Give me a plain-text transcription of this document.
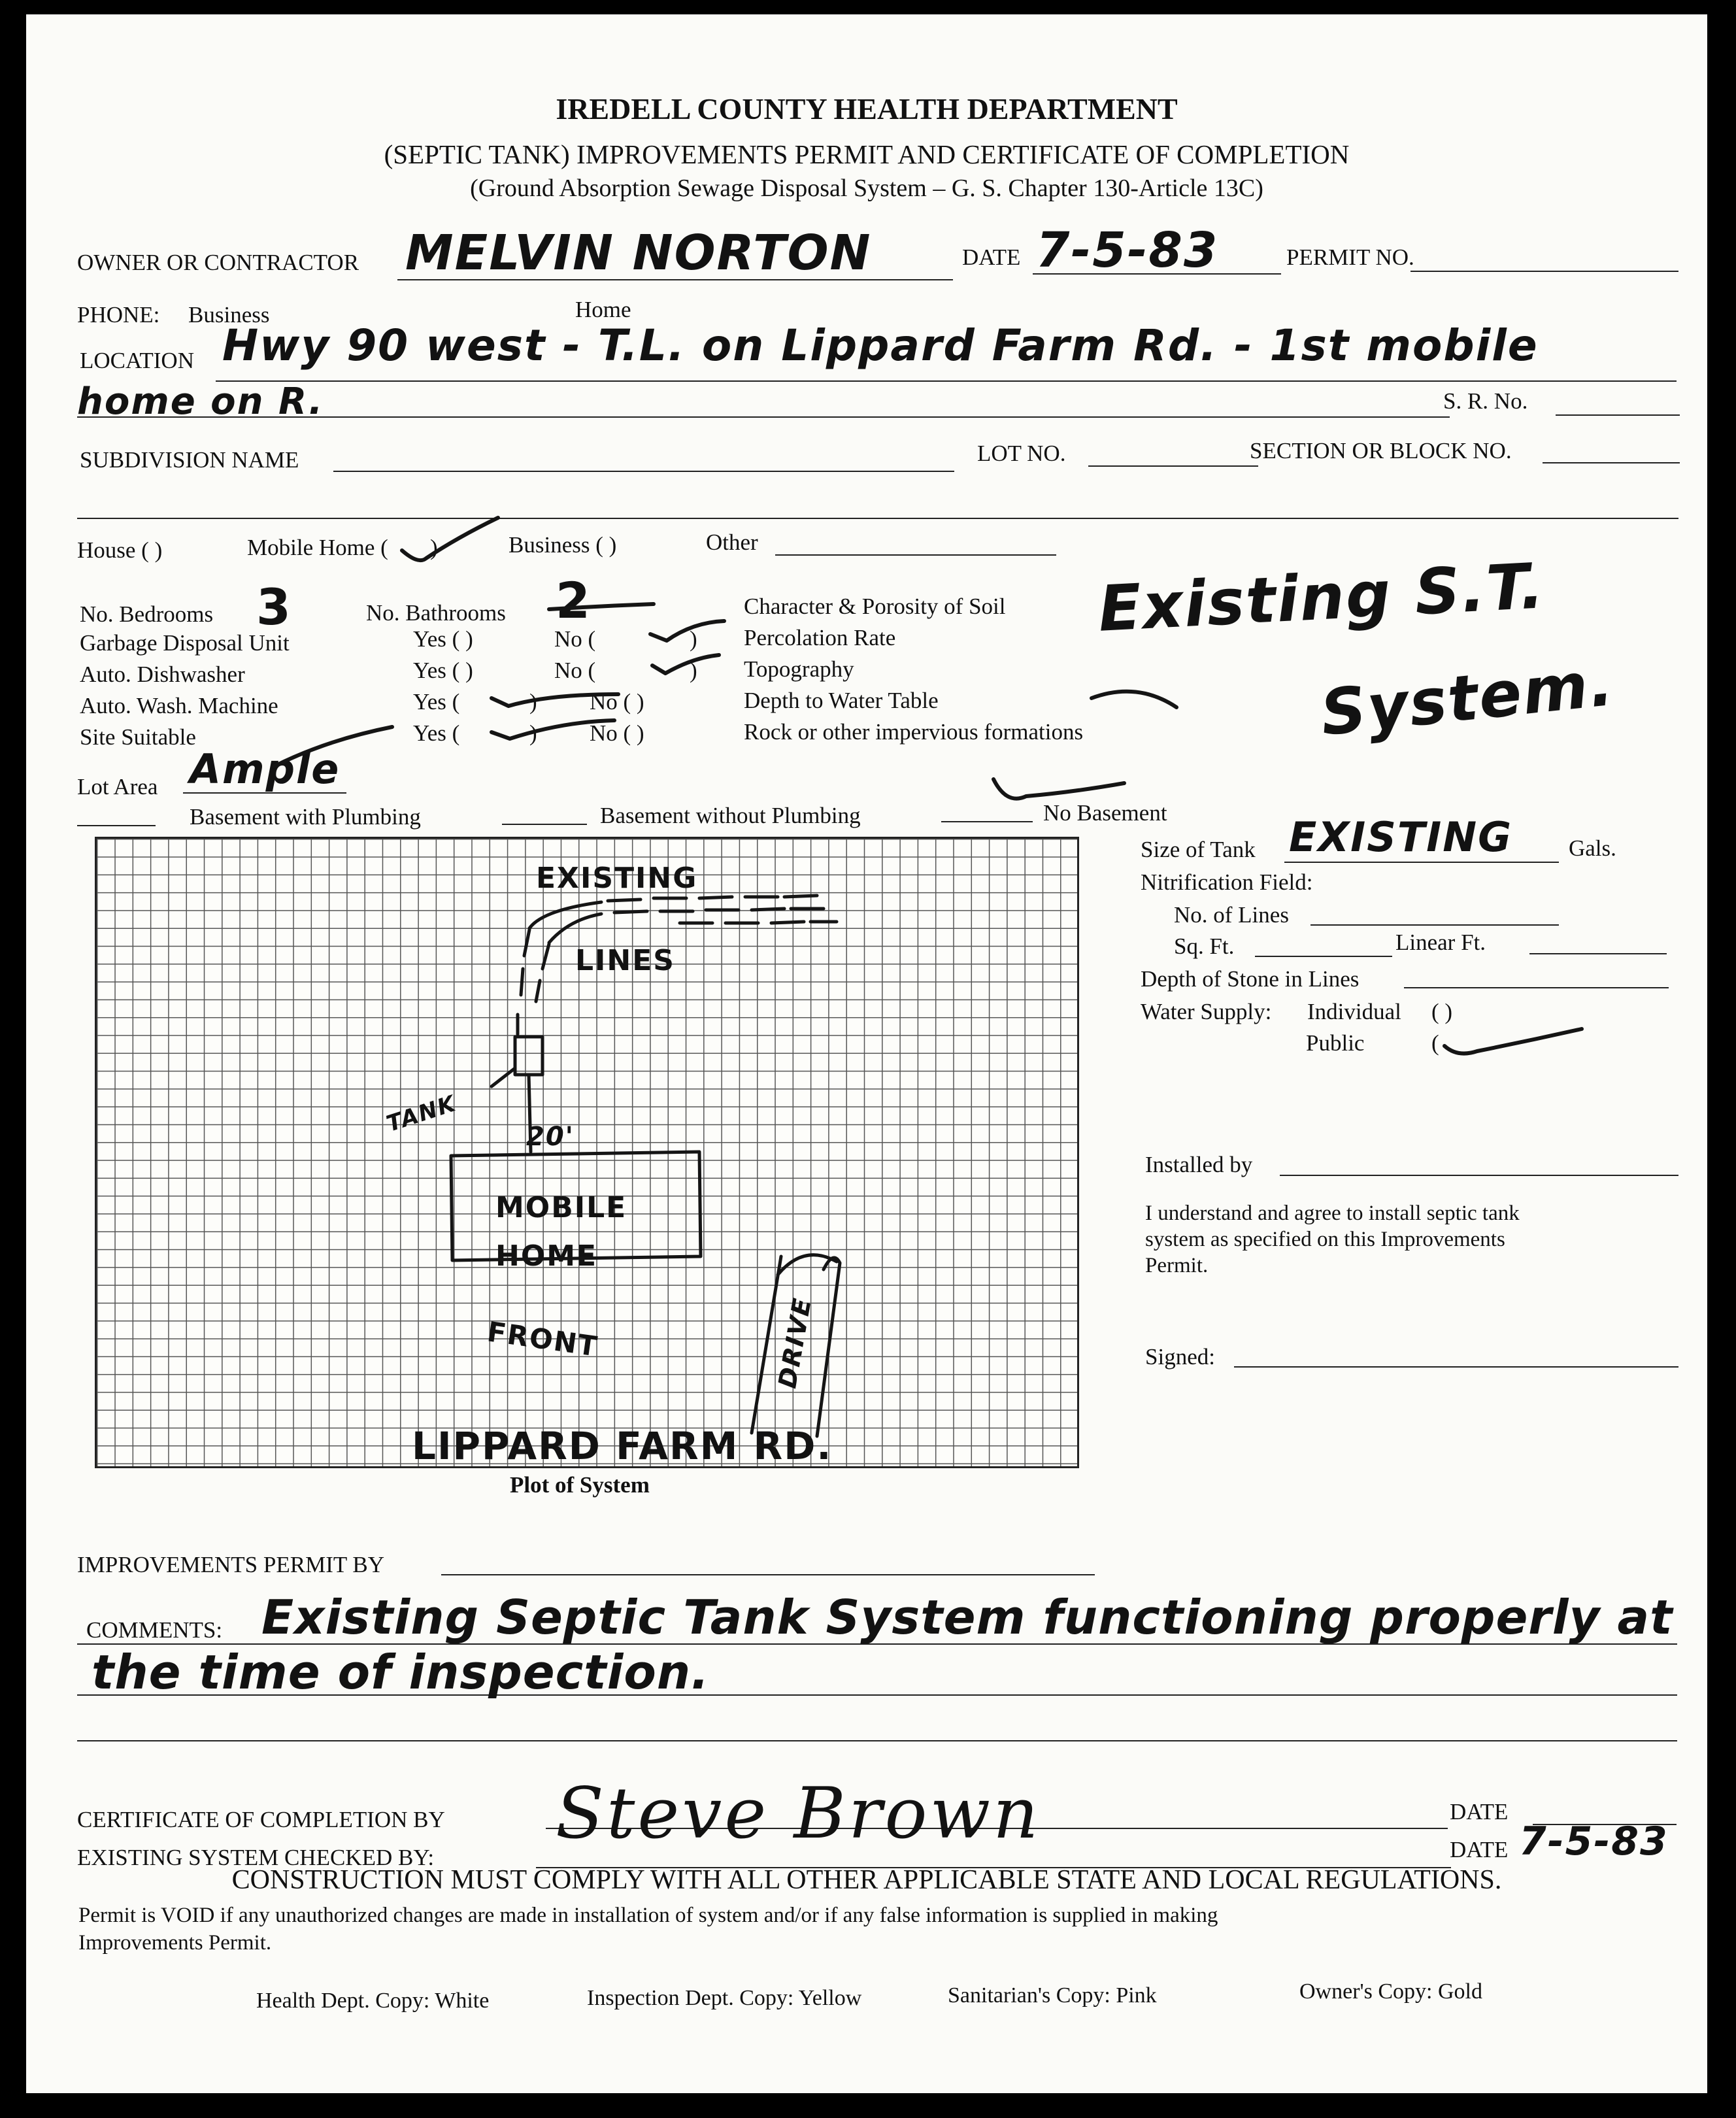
IREDELL COUNTY HEALTH DEPARTMENT
(SEPTIC TANK) IMPROVEMENTS PERMIT AND CERTIFICATE OF COMPLETION
(Ground Absorption Sewage Disposal System – G. S. Chapter 130-Article 13C)
OWNER OR CONTRACTOR MELVIN NORTON	DATE 7-5-83	PERMIT NO.
PHONE: Business	Home
LOCATION Hwy 90 west - T.L. on Lippard Farm Rd. - 1st mobile
home on R.	S. R. No.
SUBDIVISION NAME	LOT NO.	SECTION OR BLOCK NO.
House ( )	Mobile Home ( )	Business ( )	Other
No. Bedrooms 3	No. Bathrooms 2
Garbage Disposal Unit	Yes ( )	No (	)
Auto. Dishwasher	Yes ( )	No (	)
Auto. Wash. Machine	Yes (	) No ( )
Site Suitable	Yes (	) No ( )
Character & Porosity of Soil
Percolation Rate
Topography
Depth to Water Table
Rock or other impervious formations
Existing S.T.
System.
Lot Area Ample
Basement with Plumbing	Basement without Plumbing	No Basement
Size of Tank EXISTING Gals.
Nitrification Field:
No. of Lines
Sq. Ft.	Linear Ft.
Depth of Stone in Lines
Water Supply: Individual ( )
Public	(
Installed by
I understand and agree to install septic tank
system as specified on this Improvements
Permit.
Signed:
EXISTING
LINES
TANK	20'
MOBILE
HOME
FRONT	DRIVE
LIPPARD FARM RD.
Plot of System
IMPROVEMENTS PERMIT BY
COMMENTS: Existing Septic Tank System functioning properly at
the time of inspection.
CERTIFICATE OF COMPLETION BY	DATE
EXISTING SYSTEM CHECKED BY:
Steve Brown	DATE 7-5-83
CONSTRUCTION MUST COMPLY WITH ALL OTHER APPLICABLE STATE AND LOCAL REGULATIONS.
Permit is VOID if any unauthorized changes are made in installation of system and/or if any false information is supplied in making
Improvements Permit.
Health Dept. Copy: White	Inspection Dept. Copy: Yellow	Sanitarian's Copy: Pink	Owner's Copy: Gold
